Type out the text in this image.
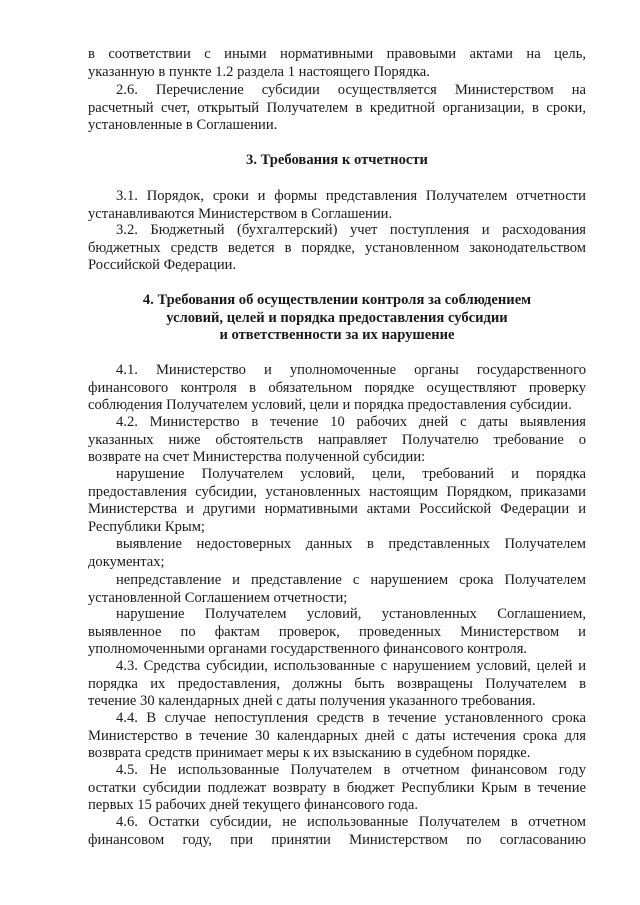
в соответствии с иными нормативными правовыми актами на цель,
указанную в пункте 1.2 раздела 1 настоящего Порядка.
2.6. Перечисление субсидии осуществляется Министерством на
расчетный счет, открытый Получателем в кредитной организации, в сроки,
установленные в Соглашении.
3. Требования к отчетности
3.1. Порядок, сроки и формы представления Получателем отчетности
устанавливаются Министерством в Соглашении.
3.2. Бюджетный (бухгалтерский) учет поступления и расходования
бюджетных средств ведется в порядке, установленном законодательством
Российской Федерации.
4. Требования об осуществлении контроля за соблюдением
условий, целей и порядка предоставления субсидии
и ответственности за их нарушение
4.1. Министерство и уполномоченные органы государственного
финансового контроля в обязательном порядке осуществляют проверку
соблюдения Получателем условий, цели и порядка предоставления субсидии.
4.2. Министерство в течение 10 рабочих дней с даты выявления
указанных ниже обстоятельств направляет Получателю требование о
возврате на счет Министерства полученной субсидии:
нарушение Получателем условий, цели, требований и порядка
предоставления субсидии, установленных настоящим Порядком, приказами
Министерства и другими нормативными актами Российской Федерации и
Республики Крым;
выявление недостоверных данных в представленных Получателем
документах;
непредставление и представление с нарушением срока Получателем
установленной Соглашением отчетности;
нарушение Получателем условий, установленных Соглашением,
выявленное по фактам проверок, проведенных Министерством и
уполномоченными органами государственного финансового контроля.
4.3. Средства субсидии, использованные с нарушением условий, целей и
порядка их предоставления, должны быть возвращены Получателем в
течение 30 календарных дней с даты получения указанного требования.
4.4. В случае непоступления средств в течение установленного срока
Министерство в течение 30 календарных дней с даты истечения срока для
возврата средств принимает меры к их взысканию в судебном порядке.
4.5. Не использованные Получателем в отчетном финансовом году
остатки субсидии подлежат возврату в бюджет Республики Крым в течение
первых 15 рабочих дней текущего финансового года.
4.6. Остатки субсидии, не использованные Получателем в отчетном
финансовом году, при принятии Министерством по согласованию
